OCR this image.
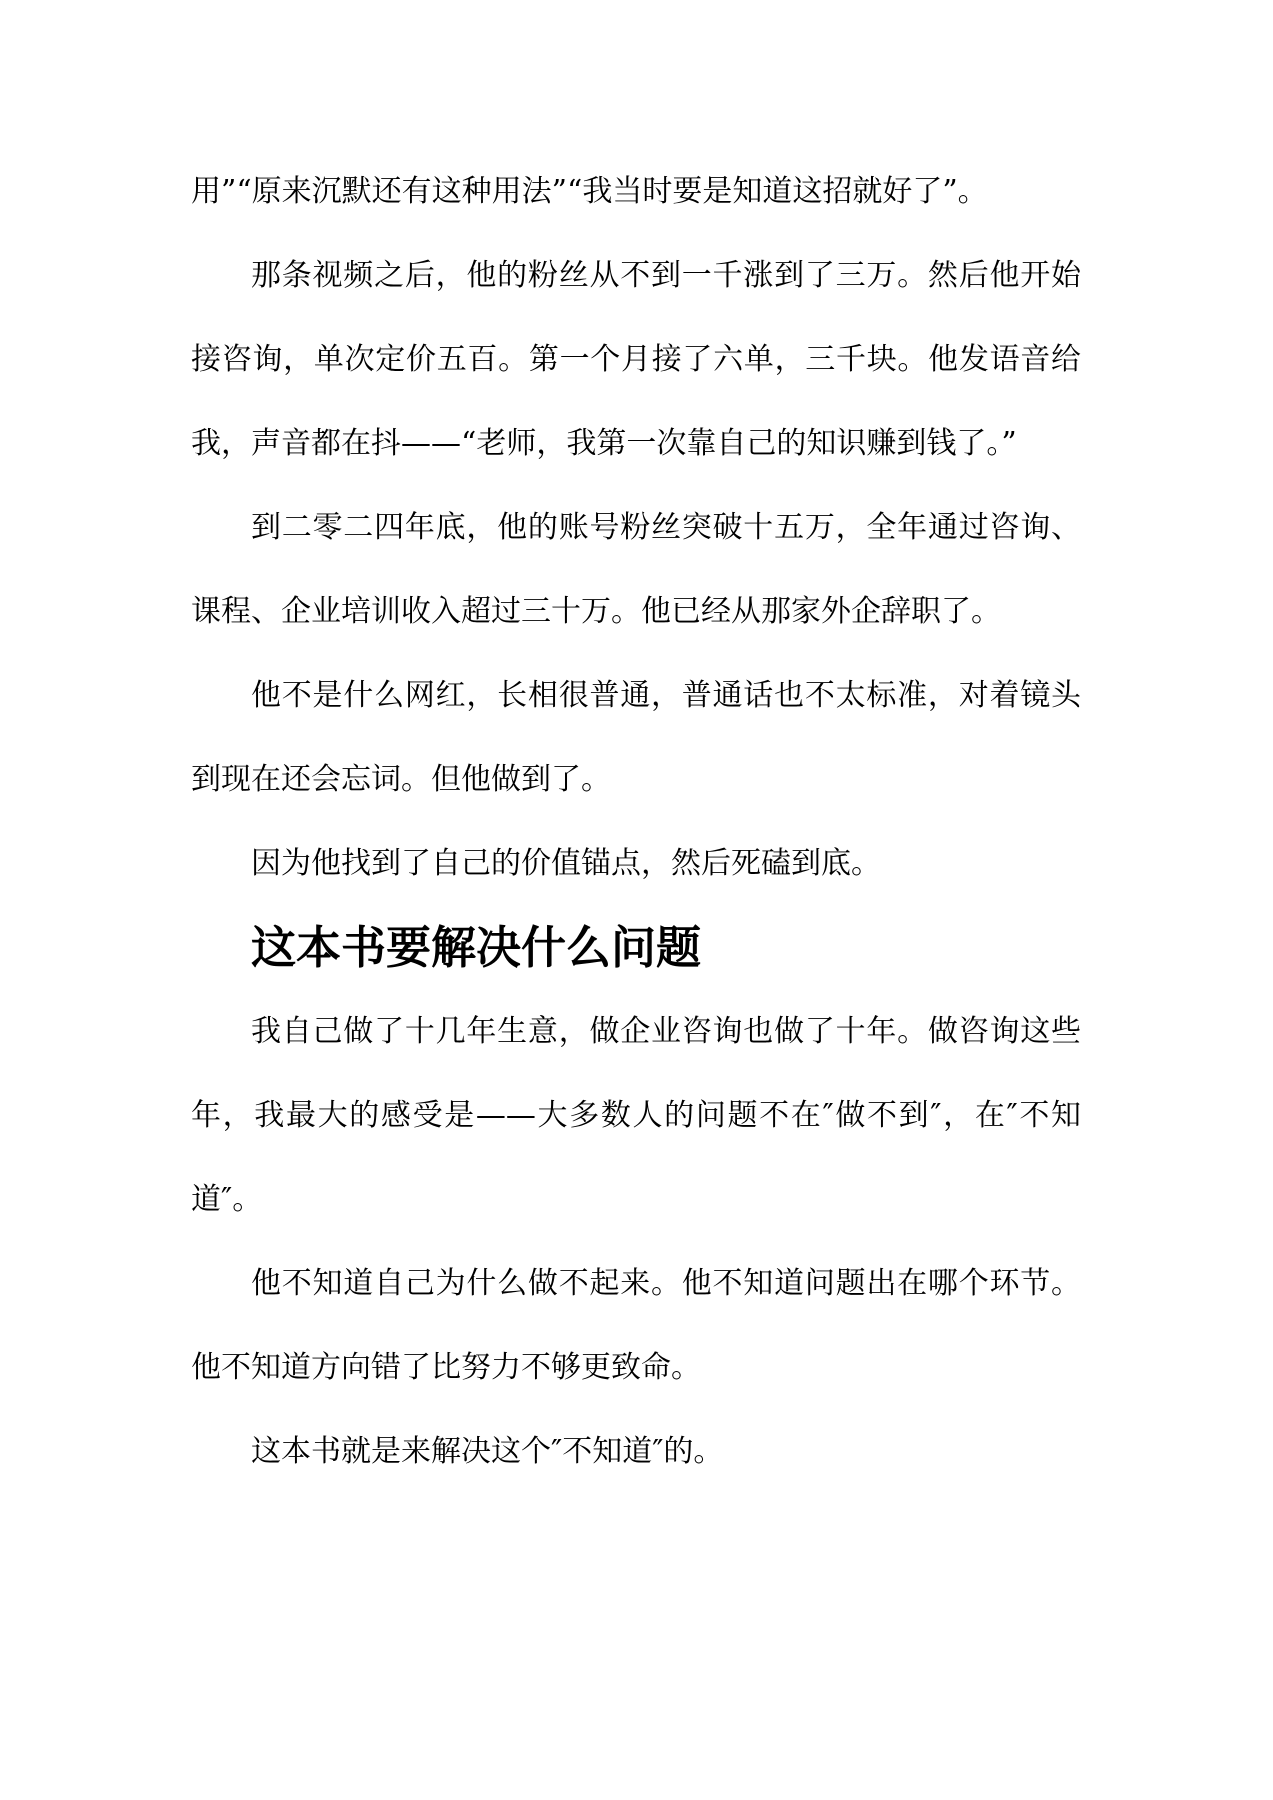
用”“原来沉默还有这种用法”“我当时要是知道这招就好了”。

那条视频之后，他的粉丝从不到一千涨到了三万。然后他开始接咨询，单次定价五百。第一个月接了六单，三千块。他发语音给我，声音都在抖——“老师，我第一次靠自己的知识赚到钱了。”

到二零二四年底，他的账号粉丝突破十五万，全年通过咨询、课程、企业培训收入超过三十万。他已经从那家外企辞职了。

他不是什么网红，长相很普通，普通话也不太标准，对着镜头到现在还会忘词。但他做到了。

因为他找到了自己的价值锚点，然后死磕到底。

这本书要解决什么问题

我自己做了十几年生意，做企业咨询也做了十年。做咨询这些年，我最大的感受是——大多数人的问题不在″做不到″，在″不知道″。

他不知道自己为什么做不起来。他不知道问题出在哪个环节。他不知道方向错了比努力不够更致命。

这本书就是来解决这个″不知道″的。
